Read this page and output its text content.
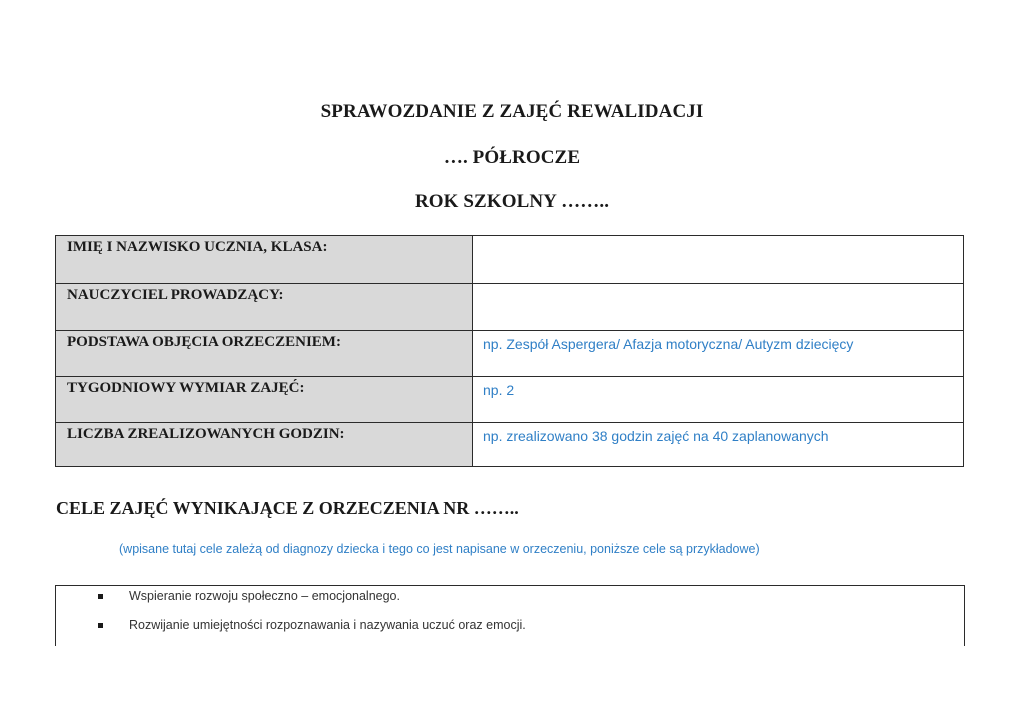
SPRAWOZDANIE Z ZAJĘĆ REWALIDACJI
…. PÓŁROCZE
ROK SZKOLNY ……..
IMIĘ I NAZWISKO UCZNIA, KLASA:	
NAUCZYCIEL PROWADZĄCY:	
PODSTAWA OBJĘCIA ORZECZENIEM:	np. Zespół Aspergera/ Afazja motoryczna/ Autyzm dziecięcy
TYGODNIOWY WYMIAR ZAJĘĆ:	np. 2
LICZBA ZREALIZOWANYCH GODZIN:	np. zrealizowano 38 godzin zajęć na 40 zaplanowanych
CELE ZAJĘĆ WYNIKAJĄCE Z ORZECZENIA NR ……..
(wpisane tutaj cele zależą od diagnozy dziecka i tego co jest napisane w orzeczeniu, poniższe cele są przykładowe)
Wspieranie rozwoju społeczno – emocjonalnego.
Rozwijanie umiejętności rozpoznawania i nazywania uczuć oraz emocji.
